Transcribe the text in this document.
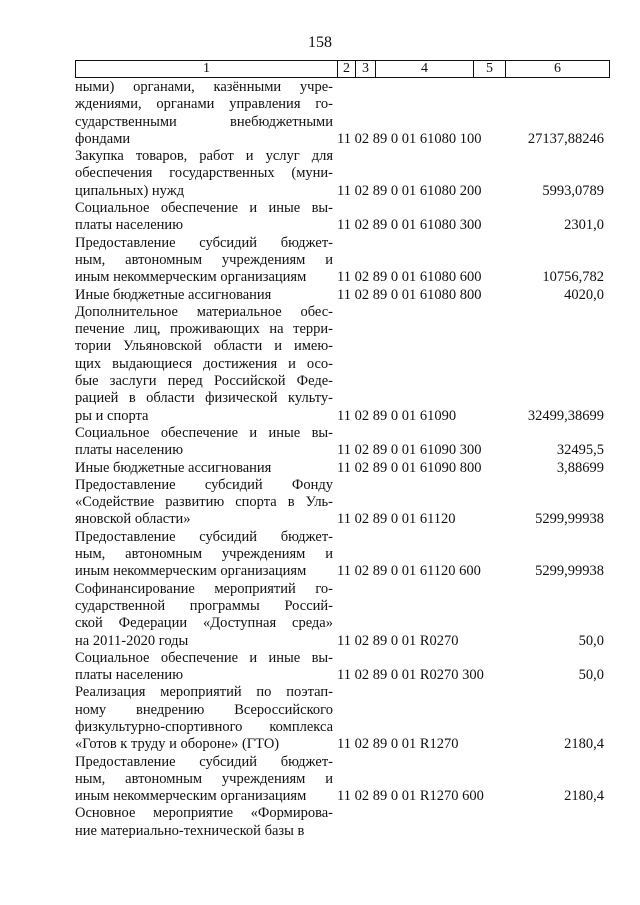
158
1	2 3	4	5	6
ными) органами, казёнными учре-
ждениями, органами управления го-
сударственными внебюджетными
фондами	11 02 89 0 01 61080 100	27137,88246
Закупка товаров, работ и услуг для
обеспечения государственных (муни-
ципальных) нужд	11 02 89 0 01 61080 200	5993,0789
Социальное обеспечение и иные вы-
платы населению	11 02 89 0 01 61080 300	2301,0
Предоставление субсидий бюджет-
ным, автономным учреждениям и
иным некоммерческим организациям	11 02 89 0 01 61080 600	10756,782
Иные бюджетные ассигнования	11 02 89 0 01 61080 800	4020,0
Дополнительное материальное обес-
печение лиц, проживающих на терри-
тории Ульяновской области и имею-
щих выдающиеся достижения и осо-
бые заслуги перед Российской Феде-
рацией в области физической культу-
ры и спорта	11 02 89 0 01 61090	32499,38699
Социальное обеспечение и иные вы-
платы населению	11 02 89 0 01 61090 300	32495,5
Иные бюджетные ассигнования	11 02 89 0 01 61090 800	3,88699
Предоставление субсидий Фонду
«Содействие развитию спорта в Уль-
яновской области»	11 02 89 0 01 61120	5299,99938
Предоставление субсидий бюджет-
ным, автономным учреждениям и
иным некоммерческим организациям	11 02 89 0 01 61120 600	5299,99938
Софинансирование мероприятий го-
сударственной программы Россий-
ской Федерации «Доступная среда»
на 2011-2020 годы	11 02 89 0 01 R0270	50,0
Социальное обеспечение и иные вы-
платы населению	11 02 89 0 01 R0270 300	50,0
Реализация мероприятий по поэтап-
ному внедрению Всероссийского
физкультурно-спортивного комплекса
«Готов к труду и обороне» (ГТО)	11 02 89 0 01 R1270	2180,4
Предоставление субсидий бюджет-
ным, автономным учреждениям и
иным некоммерческим организациям	11 02 89 0 01 R1270 600	2180,4
Основное мероприятие «Формирова-
ние материально-технической базы в
